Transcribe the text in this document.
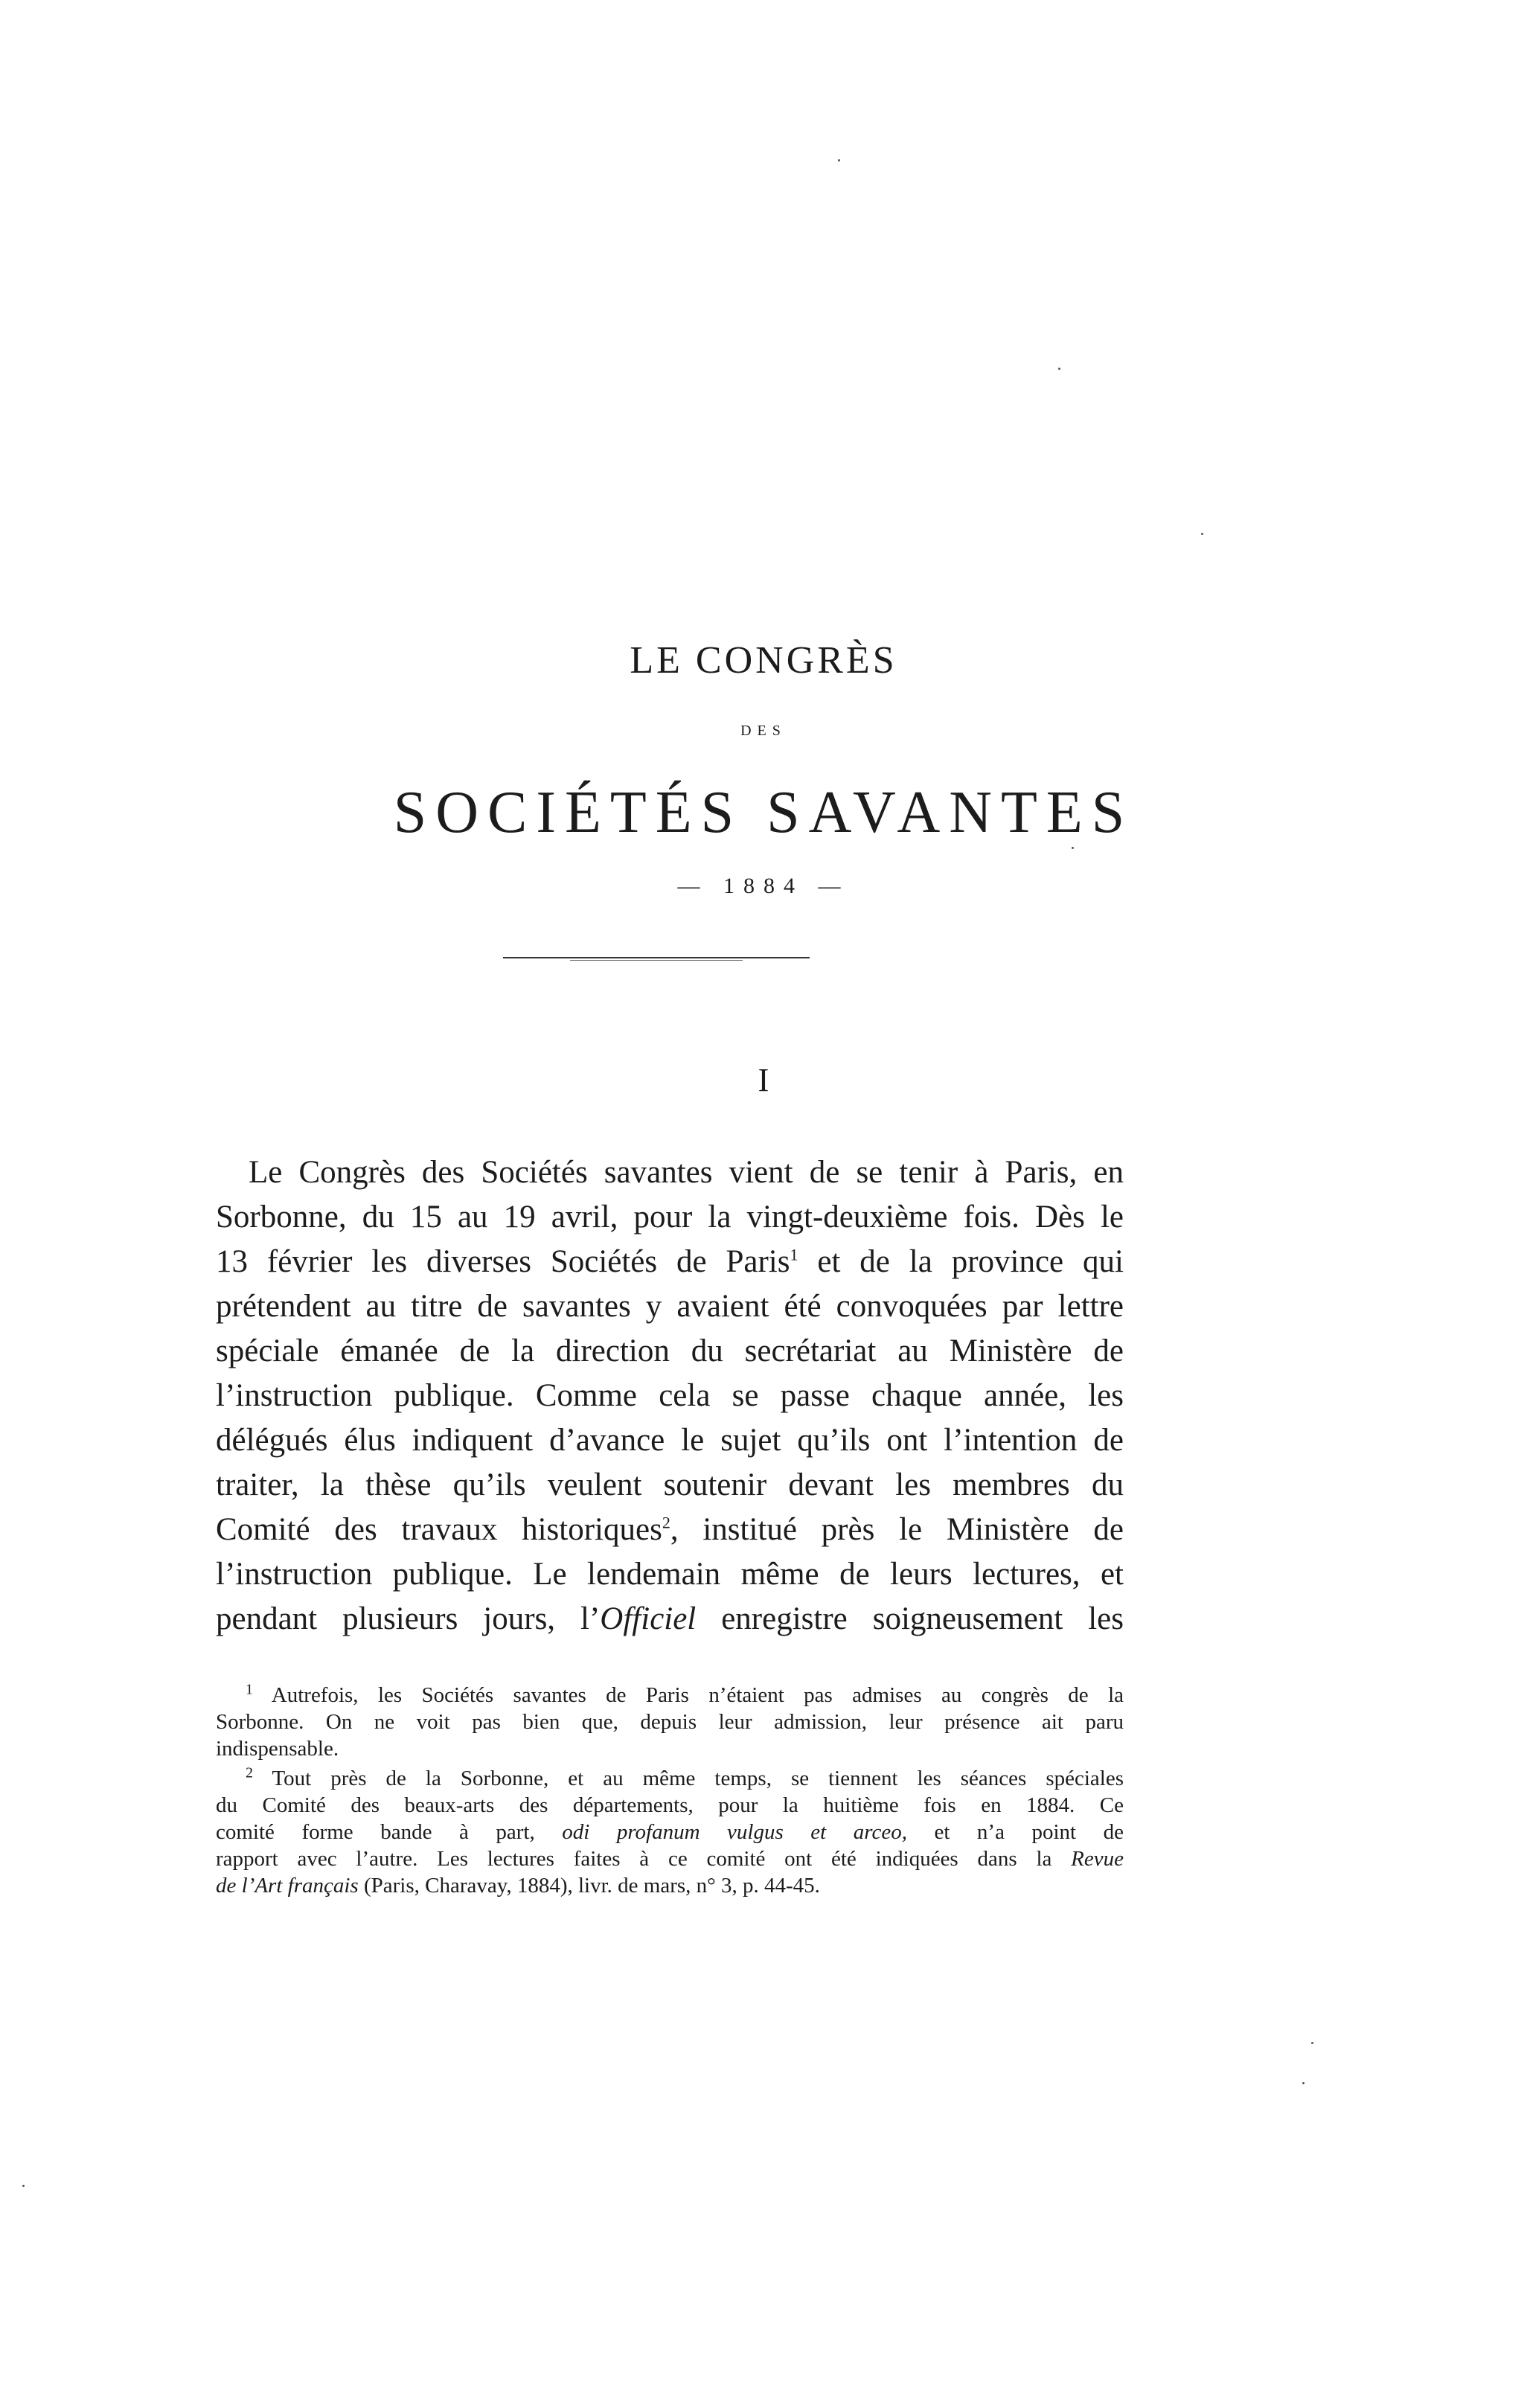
LE CONGRÈS
DES
SOCIÉTÉS SAVANTES
— 1884 —
I
Le Congrès des Sociétés savantes vient de se tenir à Paris, en
Sorbonne, du 15 au 19 avril, pour la vingt-deuxième fois. Dès le
13 février les diverses Sociétés de Paris$^1$ et de la province qui
prétendent au titre de savantes y avaient été convoquées par lettre
spéciale émanée de la direction du secrétariat au Ministère de
l’instruction publique. Comme cela se passe chaque année, les
délégués élus indiquent d’avance le sujet qu’ils ont l’intention de
traiter, la thèse qu’ils veulent soutenir devant les membres du
Comité des travaux historiques$^2$, institué près le Ministère de
l’instruction publique. Le lendemain même de leurs lectures, et
pendant plusieurs jours, l’Officiel enregistre soigneusement les
$^1$ Autrefois, les Sociétés savantes de Paris n’étaient pas admises au congrès de la
Sorbonne. On ne voit pas bien que, depuis leur admission, leur présence ait paru
indispensable.
$^2$ Tout près de la Sorbonne, et au même temps, se tiennent les séances spéciales
du Comité des beaux-arts des départements, pour la huitième fois en 1884. Ce
comité forme bande à part, odi profanum vulgus et arceo, et n’a point de
rapport avec l’autre. Les lectures faites à ce comité ont été indiquées dans la Revue
de l’Art français (Paris, Charavay, 1884), livr. de mars, n° 3, p. 44-45.
